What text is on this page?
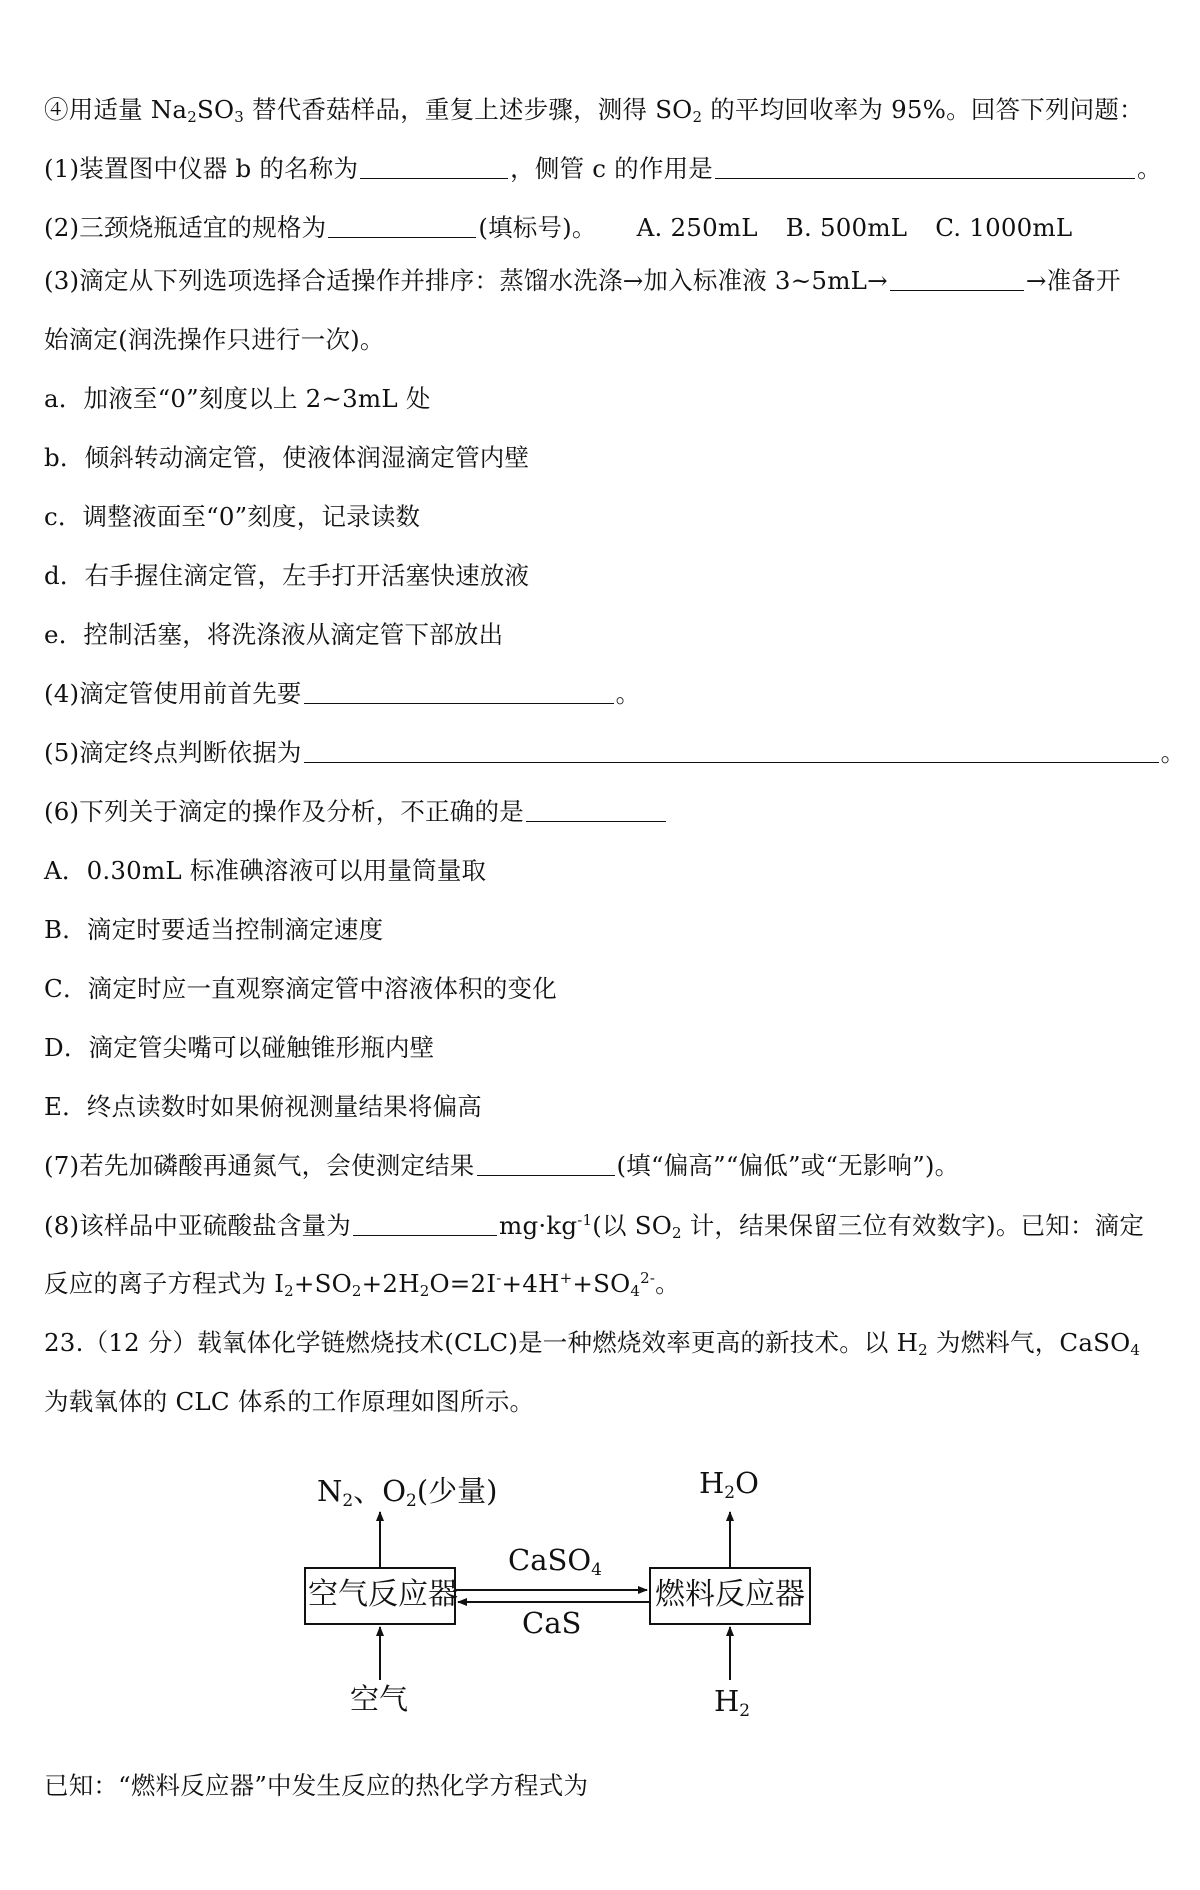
④用适量 $Na_2SO_3$ 替代香菇样品，重复上述步骤，测得 $SO_2$ 的平均回收率为 95%。回答下列问题：
(1)装置图中仪器 b 的名称为	，侧管 c 的作用是	。
(2)三颈烧瓶适宜的规格为	(填标号)。 A. 250mL B. 500mL C. 1000mL
(3)滴定从下列选项选择合适操作并排序：蒸馏水洗涤→加入标准液 3~5mL→	→准备开
始滴定(润洗操作只进行一次)。
a．加液至“0”刻度以上 2~3mL 处
b．倾斜转动滴定管，使液体润湿滴定管内壁
c．调整液面至“0”刻度，记录读数
d．右手握住滴定管，左手打开活塞快速放液
e．控制活塞，将洗涤液从滴定管下部放出
(4)滴定管使用前首先要	。
(5)滴定终点判断依据为	。
(6)下列关于滴定的操作及分析，不正确的是
A．0.30mL 标准碘溶液可以用量筒量取
B．滴定时要适当控制滴定速度
C．滴定时应一直观察滴定管中溶液体积的变化
D．滴定管尖嘴可以碰触锥形瓶内壁
E．终点读数时如果俯视测量结果将偏高
(7)若先加磷酸再通氮气，会使测定结果	(填“偏高”“偏低”或“无影响”)。
(8)该样品中亚硫酸盐含量为	$mg\cdot kg^{-1}$(以 $SO_2$ 计，结果保留三位有效数字)。已知：滴定
反应的离子方程式为 $I_2+SO_2+2H_2O=2I^-+4H^++SO_4^{2-}$。
23.（12 分）载氧体化学链燃烧技术(CLC)是一种燃烧效率更高的新技术。以 $H_2$ 为燃料气，CaSO$_4$
为载氧体的 CLC 体系的工作原理如图所示。
$N_2$、$O_2$(少量)	$H_2O$
CaSO$_4$
CaS
空气反应器	燃料反应器
空气	$H_2$
已知：“燃料反应器”中发生反应的热化学方程式为
